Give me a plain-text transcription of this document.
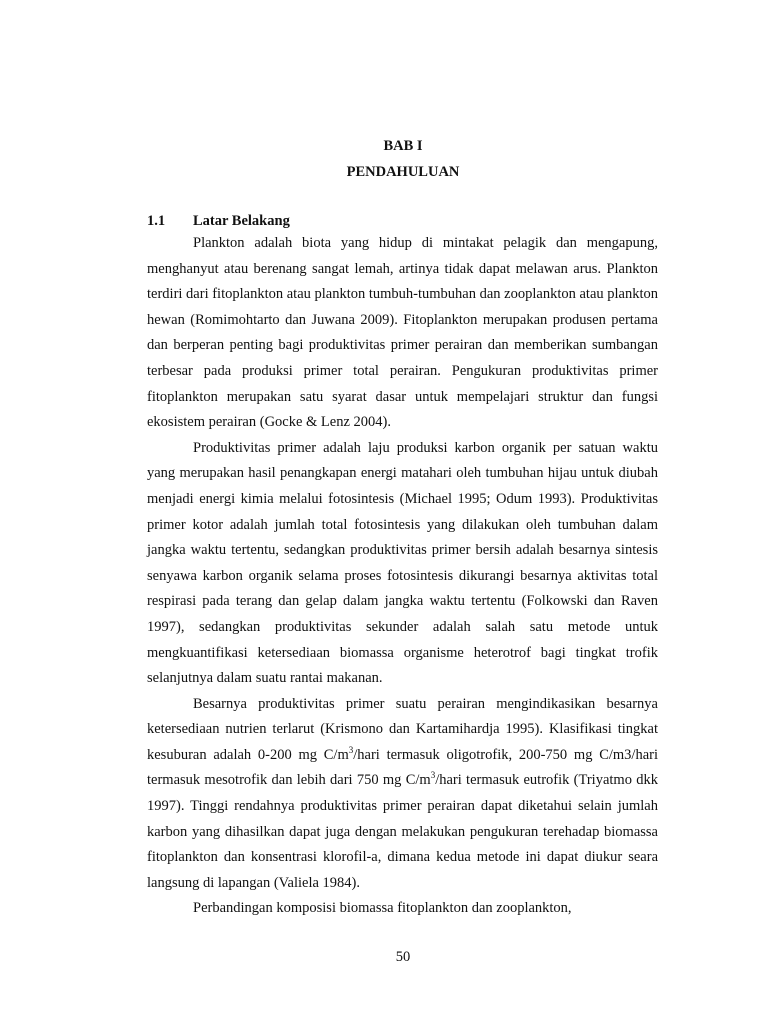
BAB I
PENDAHULUAN
1.1 Latar Belakang

Plankton adalah biota yang hidup di mintakat pelagik dan mengapung, menghanyut atau berenang sangat lemah, artinya tidak dapat melawan arus. Plankton terdiri dari fitoplankton atau plankton tumbuh-tumbuhan dan zooplankton atau plankton hewan (Romimohtarto dan Juwana 2009). Fitoplankton merupakan produsen pertama dan berperan penting bagi produktivitas primer perairan dan memberikan sumbangan terbesar pada produksi primer total perairan. Pengukuran produktivitas primer fitoplankton merupakan satu syarat dasar untuk mempelajari struktur dan fungsi ekosistem perairan (Gocke & Lenz 2004).

Produktivitas primer adalah laju produksi karbon organik per satuan waktu yang merupakan hasil penangkapan energi matahari oleh tumbuhan hijau untuk diubah menjadi energi kimia melalui fotosintesis (Michael 1995; Odum 1993). Produktivitas primer kotor adalah jumlah total fotosintesis yang dilakukan oleh tumbuhan dalam jangka waktu tertentu, sedangkan produktivitas primer bersih adalah besarnya sintesis senyawa karbon organik selama proses fotosintesis dikurangi besarnya aktivitas total respirasi pada terang dan gelap dalam jangka waktu tertentu (Folkowski dan Raven 1997), sedangkan produktivitas sekunder adalah salah satu metode untuk mengkuantifikasi ketersediaan biomassa organisme heterotrof bagi tingkat trofik selanjutnya dalam suatu rantai makanan.

Besarnya produktivitas primer suatu perairan mengindikasikan besarnya ketersediaan nutrien terlarut (Krismono dan Kartamihardja 1995). Klasifikasi tingkat kesuburan adalah 0-200 mg $C/m^3$/hari termasuk oligotrofik, 200-750 mg C/m3/hari termasuk mesotrofik dan lebih dari 750 mg $C/m^3$/hari termasuk eutrofik (Triyatmo dkk 1997). Tinggi rendahnya produktivitas primer perairan dapat diketahui selain jumlah karbon yang dihasilkan dapat juga dengan melakukan pengukuran terehadap biomassa fitoplankton dan konsentrasi klorofil-a, dimana kedua metode ini dapat diukur seara langsung di lapangan (Valiela 1984).

Perbandingan komposisi biomassa fitoplankton dan zooplankton,

50
